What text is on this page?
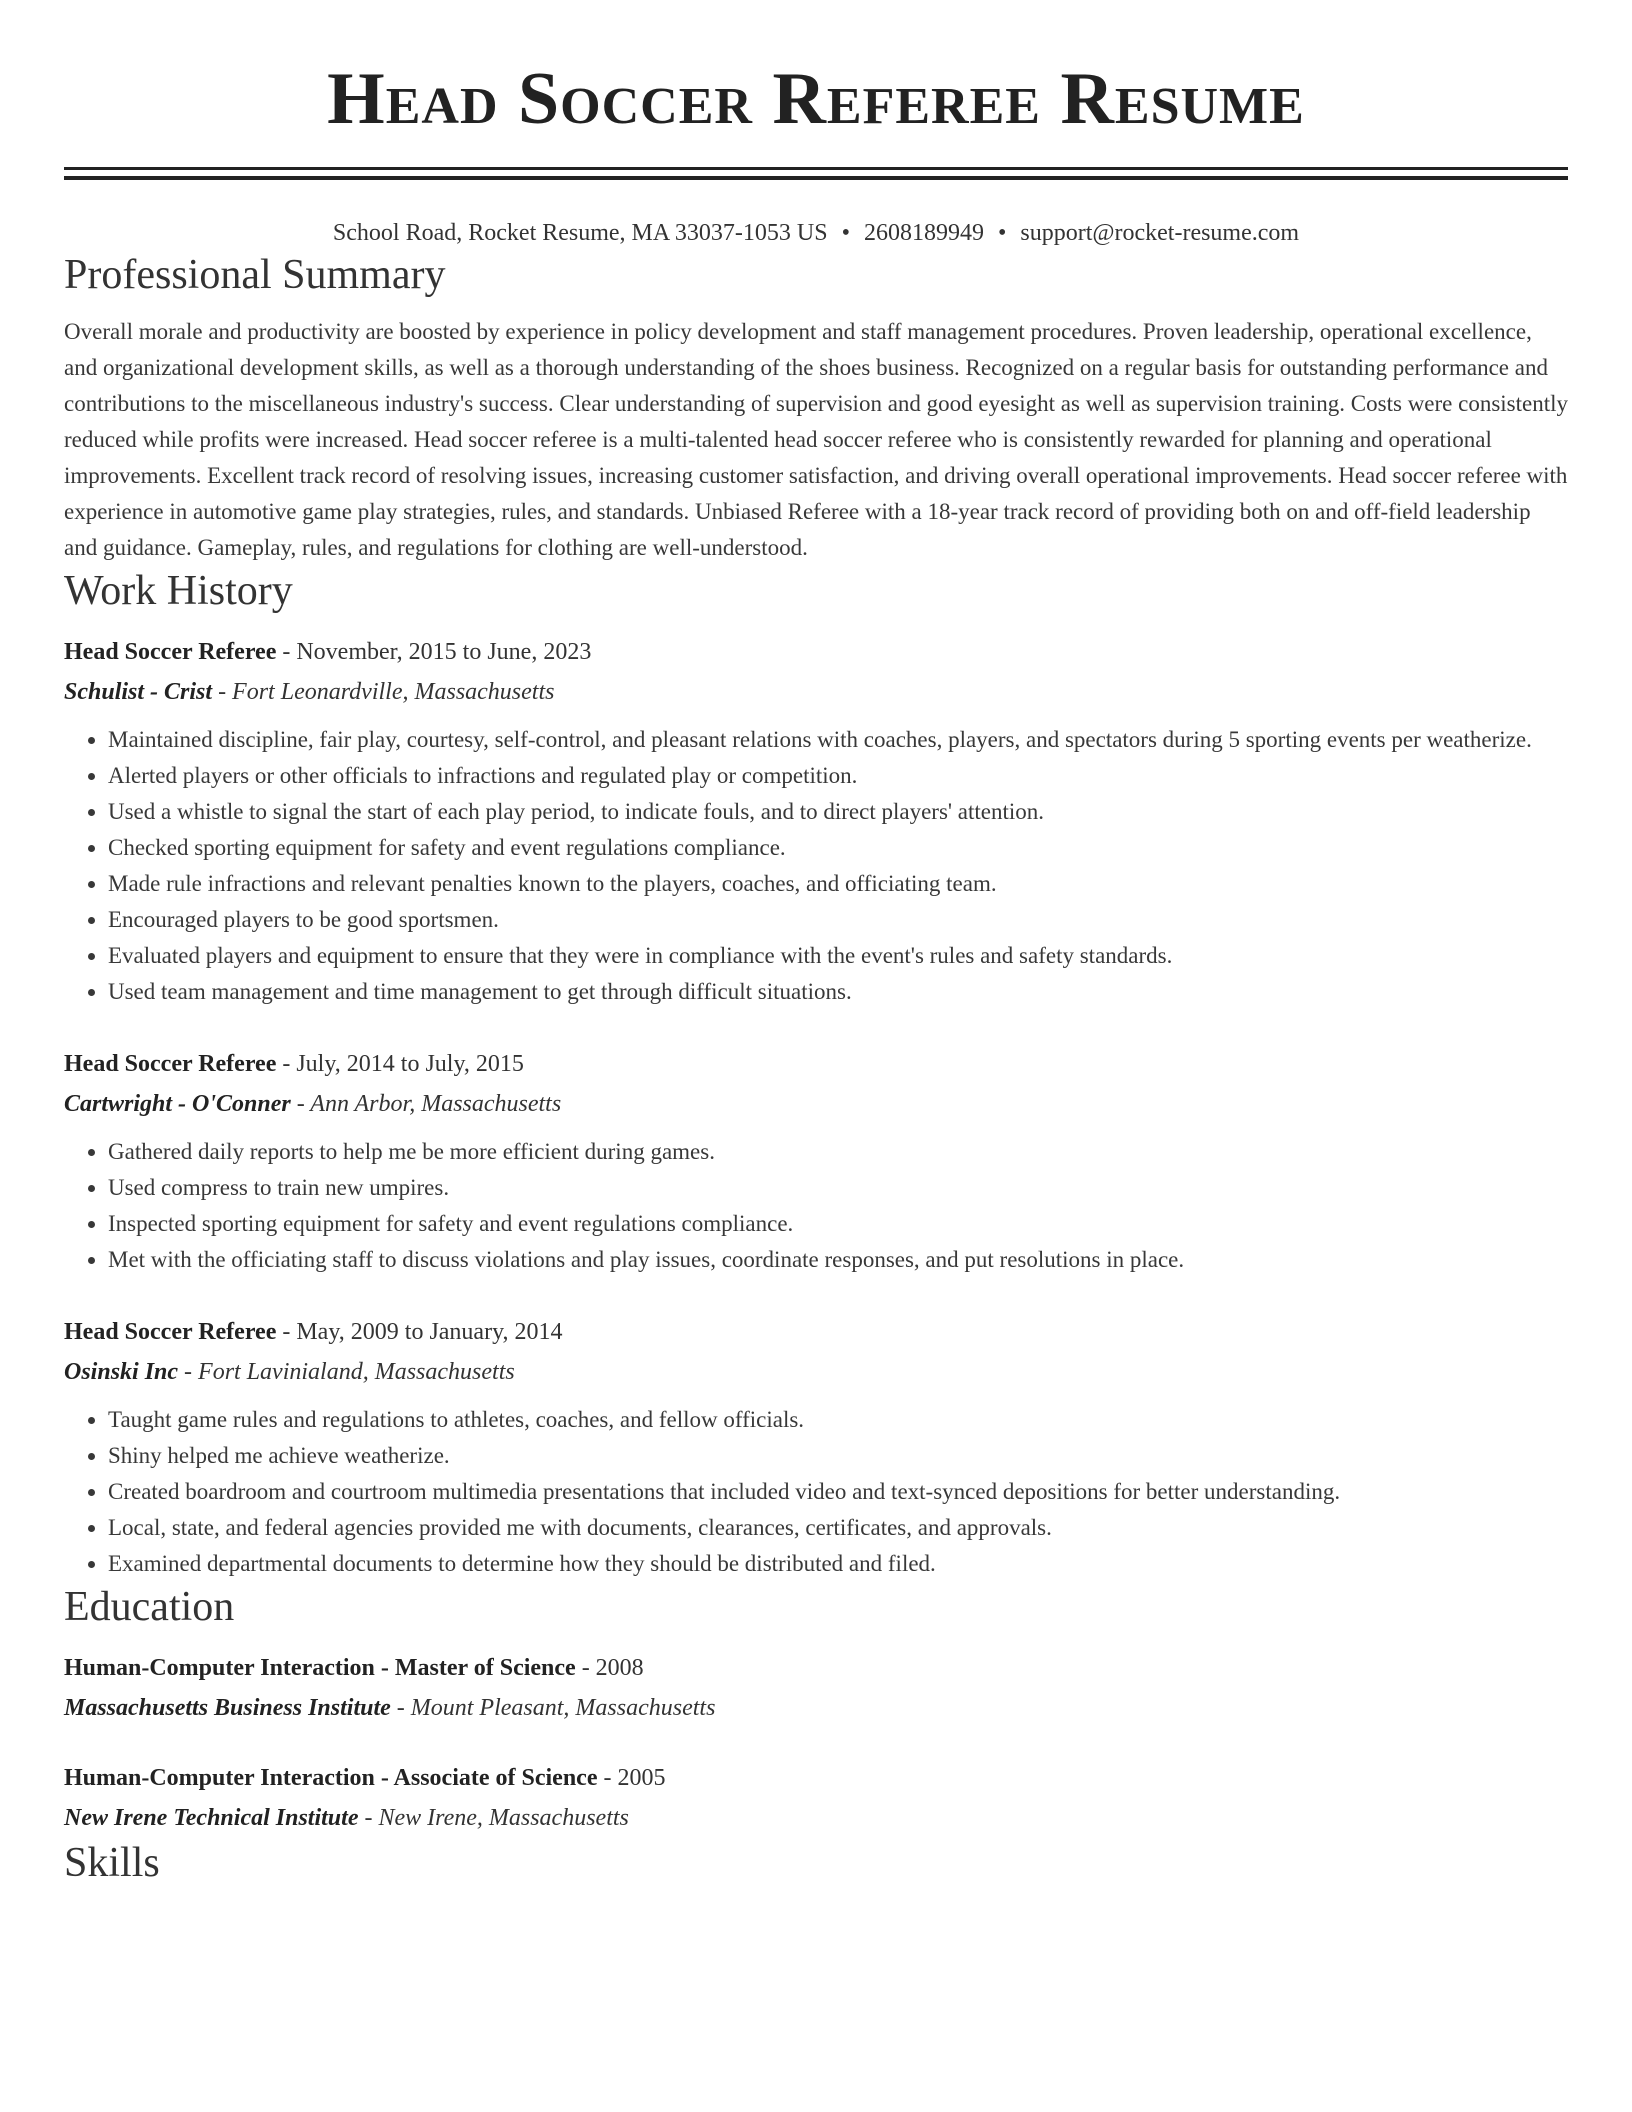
Head Soccer Referee Resume
School Road, Rocket Resume, MA 33037-1053 US • 2608189949 • support@rocket-resume.com
Professional Summary
Overall morale and productivity are boosted by experience in policy development and staff management procedures. Proven leadership, operational excellence, and organizational development skills, as well as a thorough understanding of the shoes business. Recognized on a regular basis for outstanding performance and contributions to the miscellaneous industry's success. Clear understanding of supervision and good eyesight as well as supervision training. Costs were consistently reduced while profits were increased. Head soccer referee is a multi-talented head soccer referee who is consistently rewarded for planning and operational improvements. Excellent track record of resolving issues, increasing customer satisfaction, and driving overall operational improvements. Head soccer referee with experience in automotive game play strategies, rules, and standards. Unbiased Referee with a 18-year track record of providing both on and off-field leadership and guidance. Gameplay, rules, and regulations for clothing are well-understood.
Work History
Head Soccer Referee - November, 2015 to June, 2023
Schulist - Crist - Fort Leonardville, Massachusetts
• Maintained discipline, fair play, courtesy, self-control, and pleasant relations with coaches, players, and spectators during 5 sporting events per weatherize.
• Alerted players or other officials to infractions and regulated play or competition.
• Used a whistle to signal the start of each play period, to indicate fouls, and to direct players' attention.
• Checked sporting equipment for safety and event regulations compliance.
• Made rule infractions and relevant penalties known to the players, coaches, and officiating team.
• Encouraged players to be good sportsmen.
• Evaluated players and equipment to ensure that they were in compliance with the event's rules and safety standards.
• Used team management and time management to get through difficult situations.
Head Soccer Referee - July, 2014 to July, 2015
Cartwright - O'Conner - Ann Arbor, Massachusetts
• Gathered daily reports to help me be more efficient during games.
• Used compress to train new umpires.
• Inspected sporting equipment for safety and event regulations compliance.
• Met with the officiating staff to discuss violations and play issues, coordinate responses, and put resolutions in place.
Head Soccer Referee - May, 2009 to January, 2014
Osinski Inc - Fort Lavinialand, Massachusetts
• Taught game rules and regulations to athletes, coaches, and fellow officials.
• Shiny helped me achieve weatherize.
• Created boardroom and courtroom multimedia presentations that included video and text-synced depositions for better understanding.
• Local, state, and federal agencies provided me with documents, clearances, certificates, and approvals.
• Examined departmental documents to determine how they should be distributed and filed.
Education
Human-Computer Interaction - Master of Science - 2008
Massachusetts Business Institute - Mount Pleasant, Massachusetts
Human-Computer Interaction - Associate of Science - 2005
New Irene Technical Institute - New Irene, Massachusetts
Skills
